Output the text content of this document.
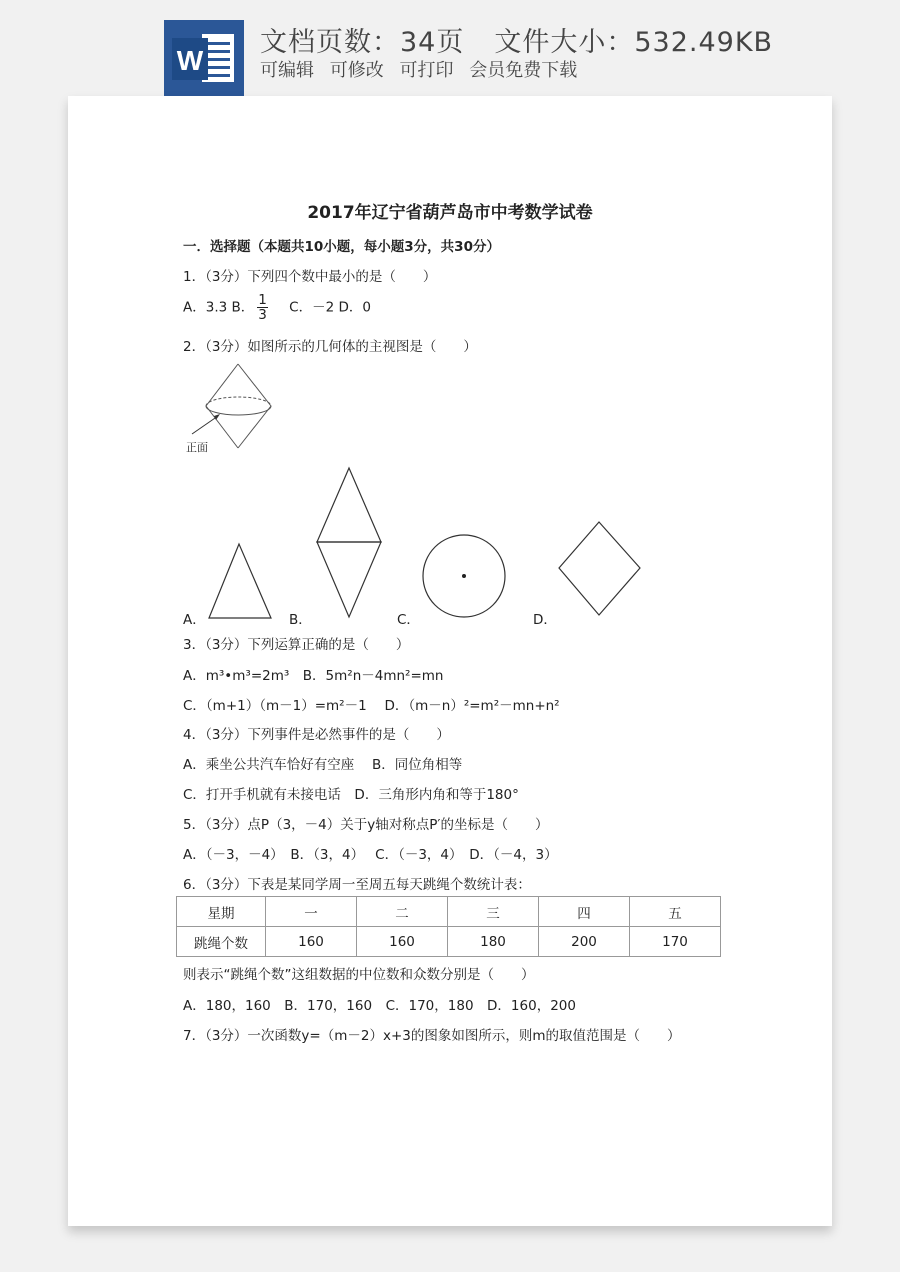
W
文档页数：34页 文件大小：532.49KB
可编辑 可修改 可打印 会员免费下载
2017年辽宁省葫芦岛市中考数学试卷
一．选择题（本题共10小题，每小题3分，共30分）
1．（3分）下列四个数中最小的是（　　）
A．3.3 B． $\frac{1}{3}$ C．－2 D．0
2．（3分）如图所示的几何体的主视图是（　　）
正面
A．	B．	C．	D．
3．（3分）下列运算正确的是（　　）
A．m³•m³=2m³　B．5m²n－4mn²=mn
C．（m+1）（m－1）=m²－1　 D．（m－n）²=m²－mn+n²
4．（3分）下列事件是必然事件的是（　　）
A．乘坐公共汽车恰好有空座　 B．同位角相等
C．打开手机就有未接电话　D．三角形内角和等于180°
5．（3分）点P（3，－4）关于y轴对称点P′的坐标是（　　）
A．（－3，－4）　B．（3，4）　 C．（－3，4）　D．（－4，3）
6．（3分）下表是某同学周一至周五每天跳绳个数统计表：
星期	一	二	三	四	五
跳绳个数	160	160	180	200	170
则表示“跳绳个数”这组数据的中位数和众数分别是（　　）
A．180，160　B．170，160　C．170，180　D．160，200
7．（3分）一次函数y=（m－2）x+3的图象如图所示，则m的取值范围是（　　）
